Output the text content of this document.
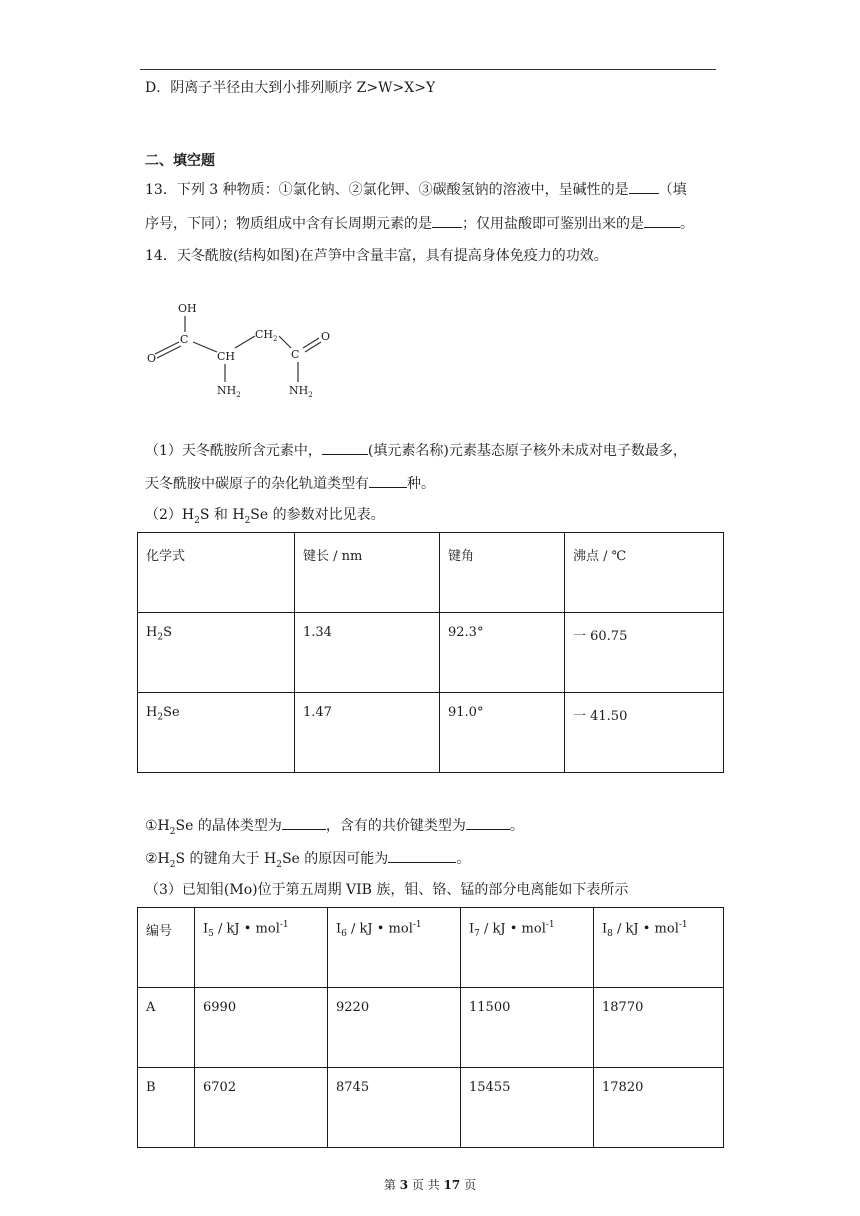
D．阴离子半径由大到小排列顺序 Z>W>X>Y
二、填空题
13．下列 3 种物质：①氯化钠、②氯化钾、③碳酸氢钠的溶液中，呈碱性的是 （填
序号，下同）；物质组成中含有长周期元素的是 ；仅用盐酸即可鉴别出来的是	。
14．天冬酰胺(结构如图)在芦笋中含量丰富，具有提高身体免疫力的功效。
OH
C
O	CH
$CH_2$
C
O
$NH_2$	$NH_2$
（1）天冬酰胺所含元素中，	(填元素名称)元素基态原子核外未成对电子数最多，
天冬酰胺中碳原子的杂化轨道类型有	种。
$(2)H_2S$ 和 $H_2Se$ 的参数对比见表。
化学式	键长 / nm	键角	沸点 / ℃
$H_2S$	1.34	92.3°	一 60.75
$H_2Se$	1.47	91.0°	一 41.50
$①H_2Se$ 的晶体类型为	，含有的共价键类型为	。
$②H_2S$ 的键角大于 $H_2Se$ 的原因可能为	。
（3）已知钼(Mo)位于第五周期 VIB 族，钼、铬、锰的部分电离能如下表所示
编号	$I_5$ / kJ • mol$^{-1}$	$I_6$ / kJ • mol$^{-1}$	$I_7$ / kJ • mol$^{-1}$	$I_8$ / kJ • mol$^{-1}$
A	6990	9220	11500	18770
B	6702	8745	15455	17820
第 3 页 共 17 页
